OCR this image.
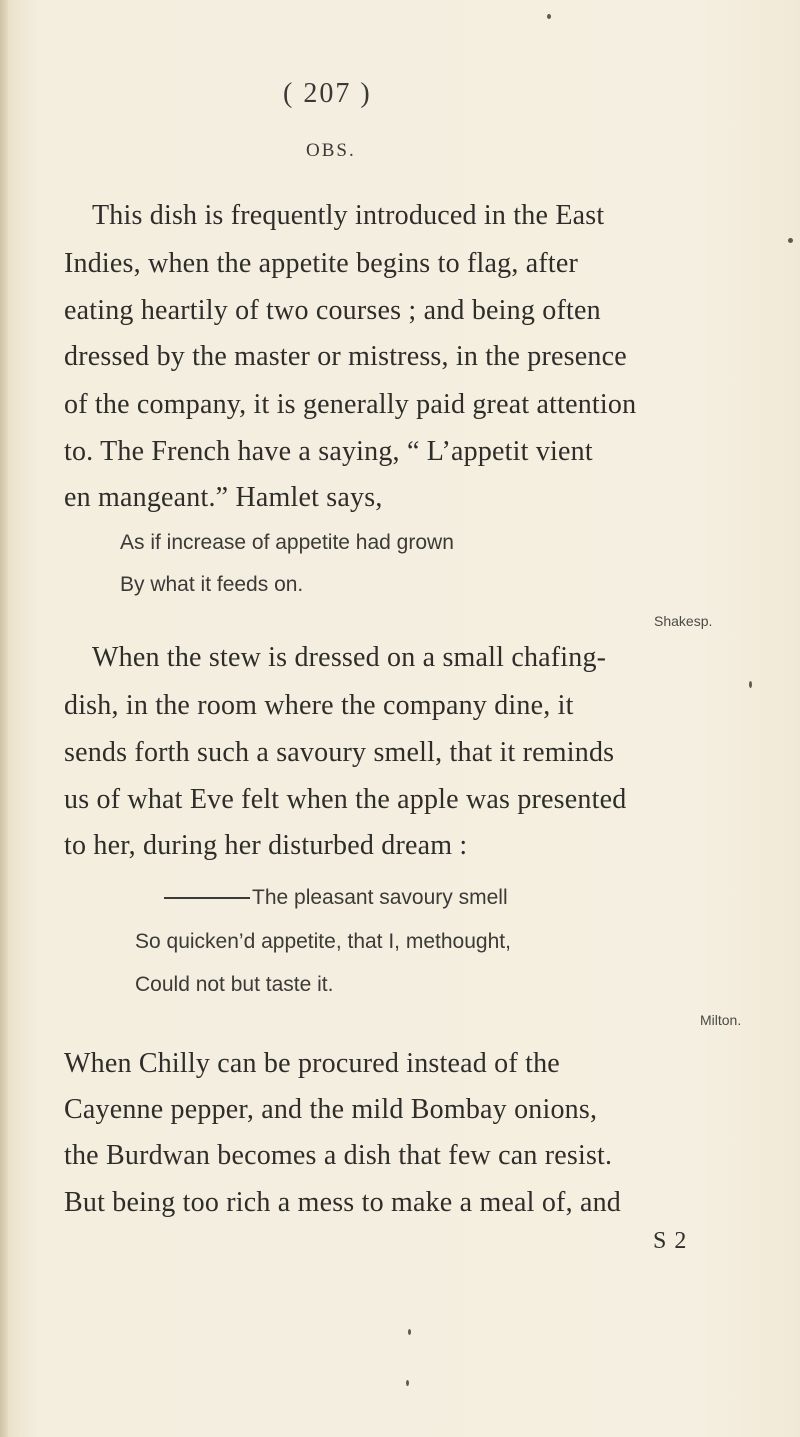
( 207 )
OBS.
This dish is frequently introduced in the East
Indies, when the appetite begins to flag, after
eating heartily of two courses ; and being often
dressed by the master or mistress, in the presence
of the company, it is generally paid great attention
to. The French have a saying, “ L’appetit vient
en mangeant.” Hamlet says,
As if increase of appetite had grown
By what it feeds on.
Shakesp.
When the stew is dressed on a small chafing-
dish, in the room where the company dine, it
sends forth such a savoury smell, that it reminds
us of what Eve felt when the apple was presented
to her, during her disturbed dream :
The pleasant savoury smell
So quicken’d appetite, that I, methought,
Could not but taste it.
Milton.
When Chilly can be procured instead of the
Cayenne pepper, and the mild Bombay onions,
the Burdwan becomes a dish that few can resist.
But being too rich a mess to make a meal of, and
S 2
